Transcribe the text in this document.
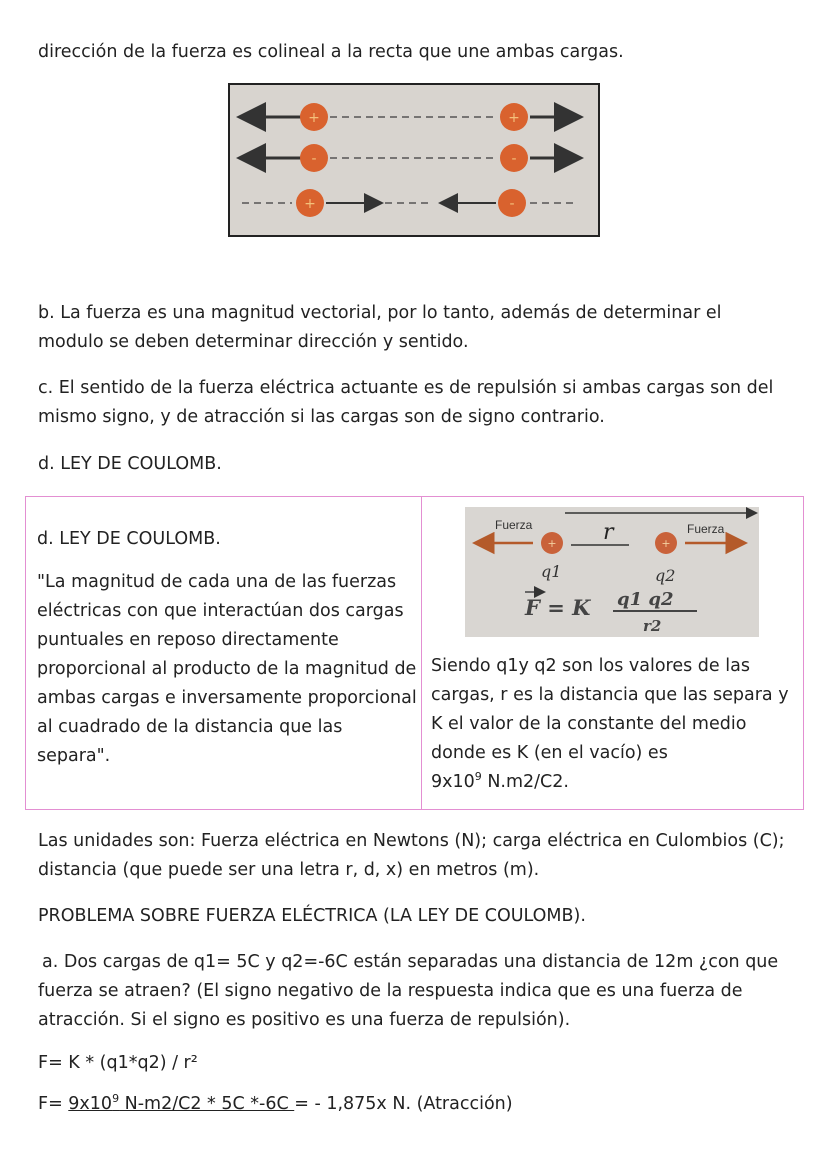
dirección de la fuerza es colineal a la recta que une ambas cargas.

+	+
-	-
+	-

b. La fuerza es una magnitud vectorial, por lo tanto, además de determinar el modulo se deben determinar dirección y sentido.

c. El sentido de la fuerza eléctrica actuante es de repulsión si ambas cargas son del mismo signo, y de atracción si las cargas son de signo contrario.

d. LEY DE COULOMB.

d. LEY DE COULOMB.
"La magnitud de cada una de las fuerzas eléctricas con que interactúan dos cargas puntuales en reposo directamente proporcional al producto de la magnitud de ambas cargas e inversamente proporcional al cuadrado de la distancia que las separa".
+	+
Fuerza	Fuerza
r
q1	q2
F = K q1 q2
r2
Siendo q1y q2 son los valores de las cargas, r es la distancia que las separa y K el valor de la constante del medio donde es K (en el vacío) es
$9x10^9$ N.m2/C2.

Las unidades son: Fuerza eléctrica en Newtons (N); carga eléctrica en Culombios (C); distancia (que puede ser una letra r, d, x) en metros (m).

PROBLEMA SOBRE FUERZA ELÉCTRICA (LA LEY DE COULOMB).

a. Dos cargas de q1= 5C y q2=-6C están separadas una distancia de 12m ¿con que fuerza se atraen? (El signo negativo de la respuesta indica que es una fuerza de atracción. Si el signo es positivo es una fuerza de repulsión).

F= K * (q1*q2) / r²

$F= 9x10^9$ N-m2/C2 * 5C *-6C = - 1,875x N. (Atracción)
